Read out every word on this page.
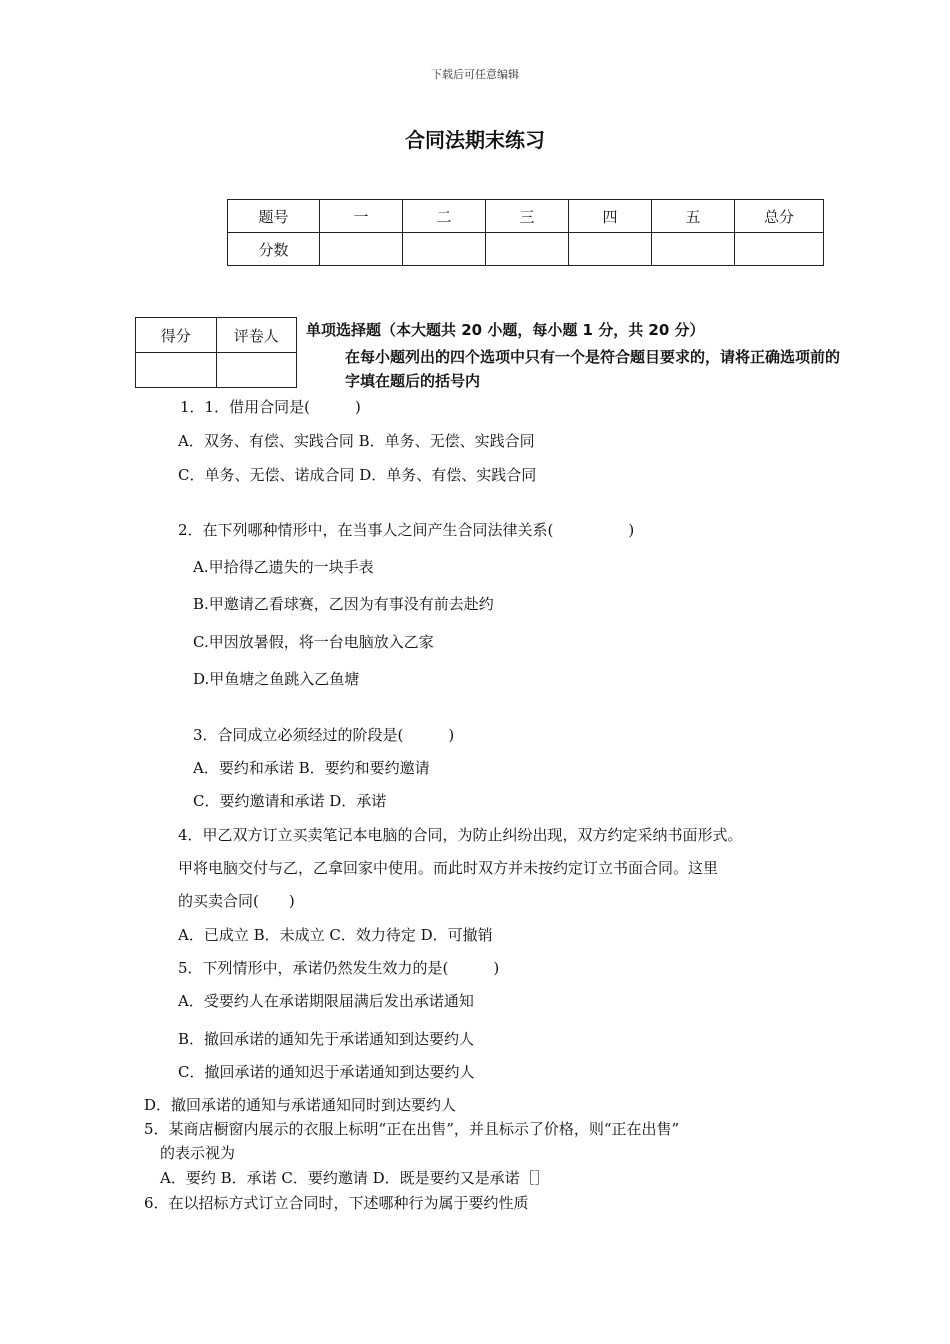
下载后可任意编辑
合同法期末练习
题号	一	二	三	四	五	总分
分数						
得分	评卷人
	单项选择题（本大题共 20 小题，每小题 1 分，共 20 分）
在每小题列出的四个选项中只有一个是符合题目要求的，请将正确选项前的字填在题后的括号内
1．1．借用合同是(　　　)
A．双务、有偿、实践合同 B．单务、无偿、实践合同
C．单务、无偿、诺成合同 D．单务、有偿、实践合同
2．在下列哪种情形中，在当事人之间产生合同法律关系(　　　　　)
A.甲拾得乙遗失的一块手表
B.甲邀请乙看球赛，乙因为有事没有前去赴约
C.甲因放暑假，将一台电脑放入乙家
D.甲鱼塘之鱼跳入乙鱼塘
3．合同成立必须经过的阶段是(　　　)
A．要约和承诺 B．要约和要约邀请
C．要约邀请和承诺 D．承诺
4．甲乙双方订立买卖笔记本电脑的合同，为防止纠纷出现，双方约定采纳书面形式。
甲将电脑交付与乙，乙拿回家中使用。而此时双方并未按约定订立书面合同。这里
的买卖合同(　　)
A．已成立 B．未成立 C．效力待定 D．可撤销
5．下列情形中，承诺仍然发生效力的是(　　　)
A．受要约人在承诺期限届满后发出承诺通知
B．撤回承诺的通知先于承诺通知到达要约人
C．撤回承诺的通知迟于承诺通知到达要约人
D．撤回承诺的通知与承诺通知同时到达要约人
5．某商店橱窗内展示的衣服上标明“正在出售”，并且标示了价格，则“正在出售”
的表示视为
A．要约 B．承诺 C．要约邀请 D．既是要约又是承诺［］
6．在以招标方式订立合同时，下述哪种行为属于要约性质
